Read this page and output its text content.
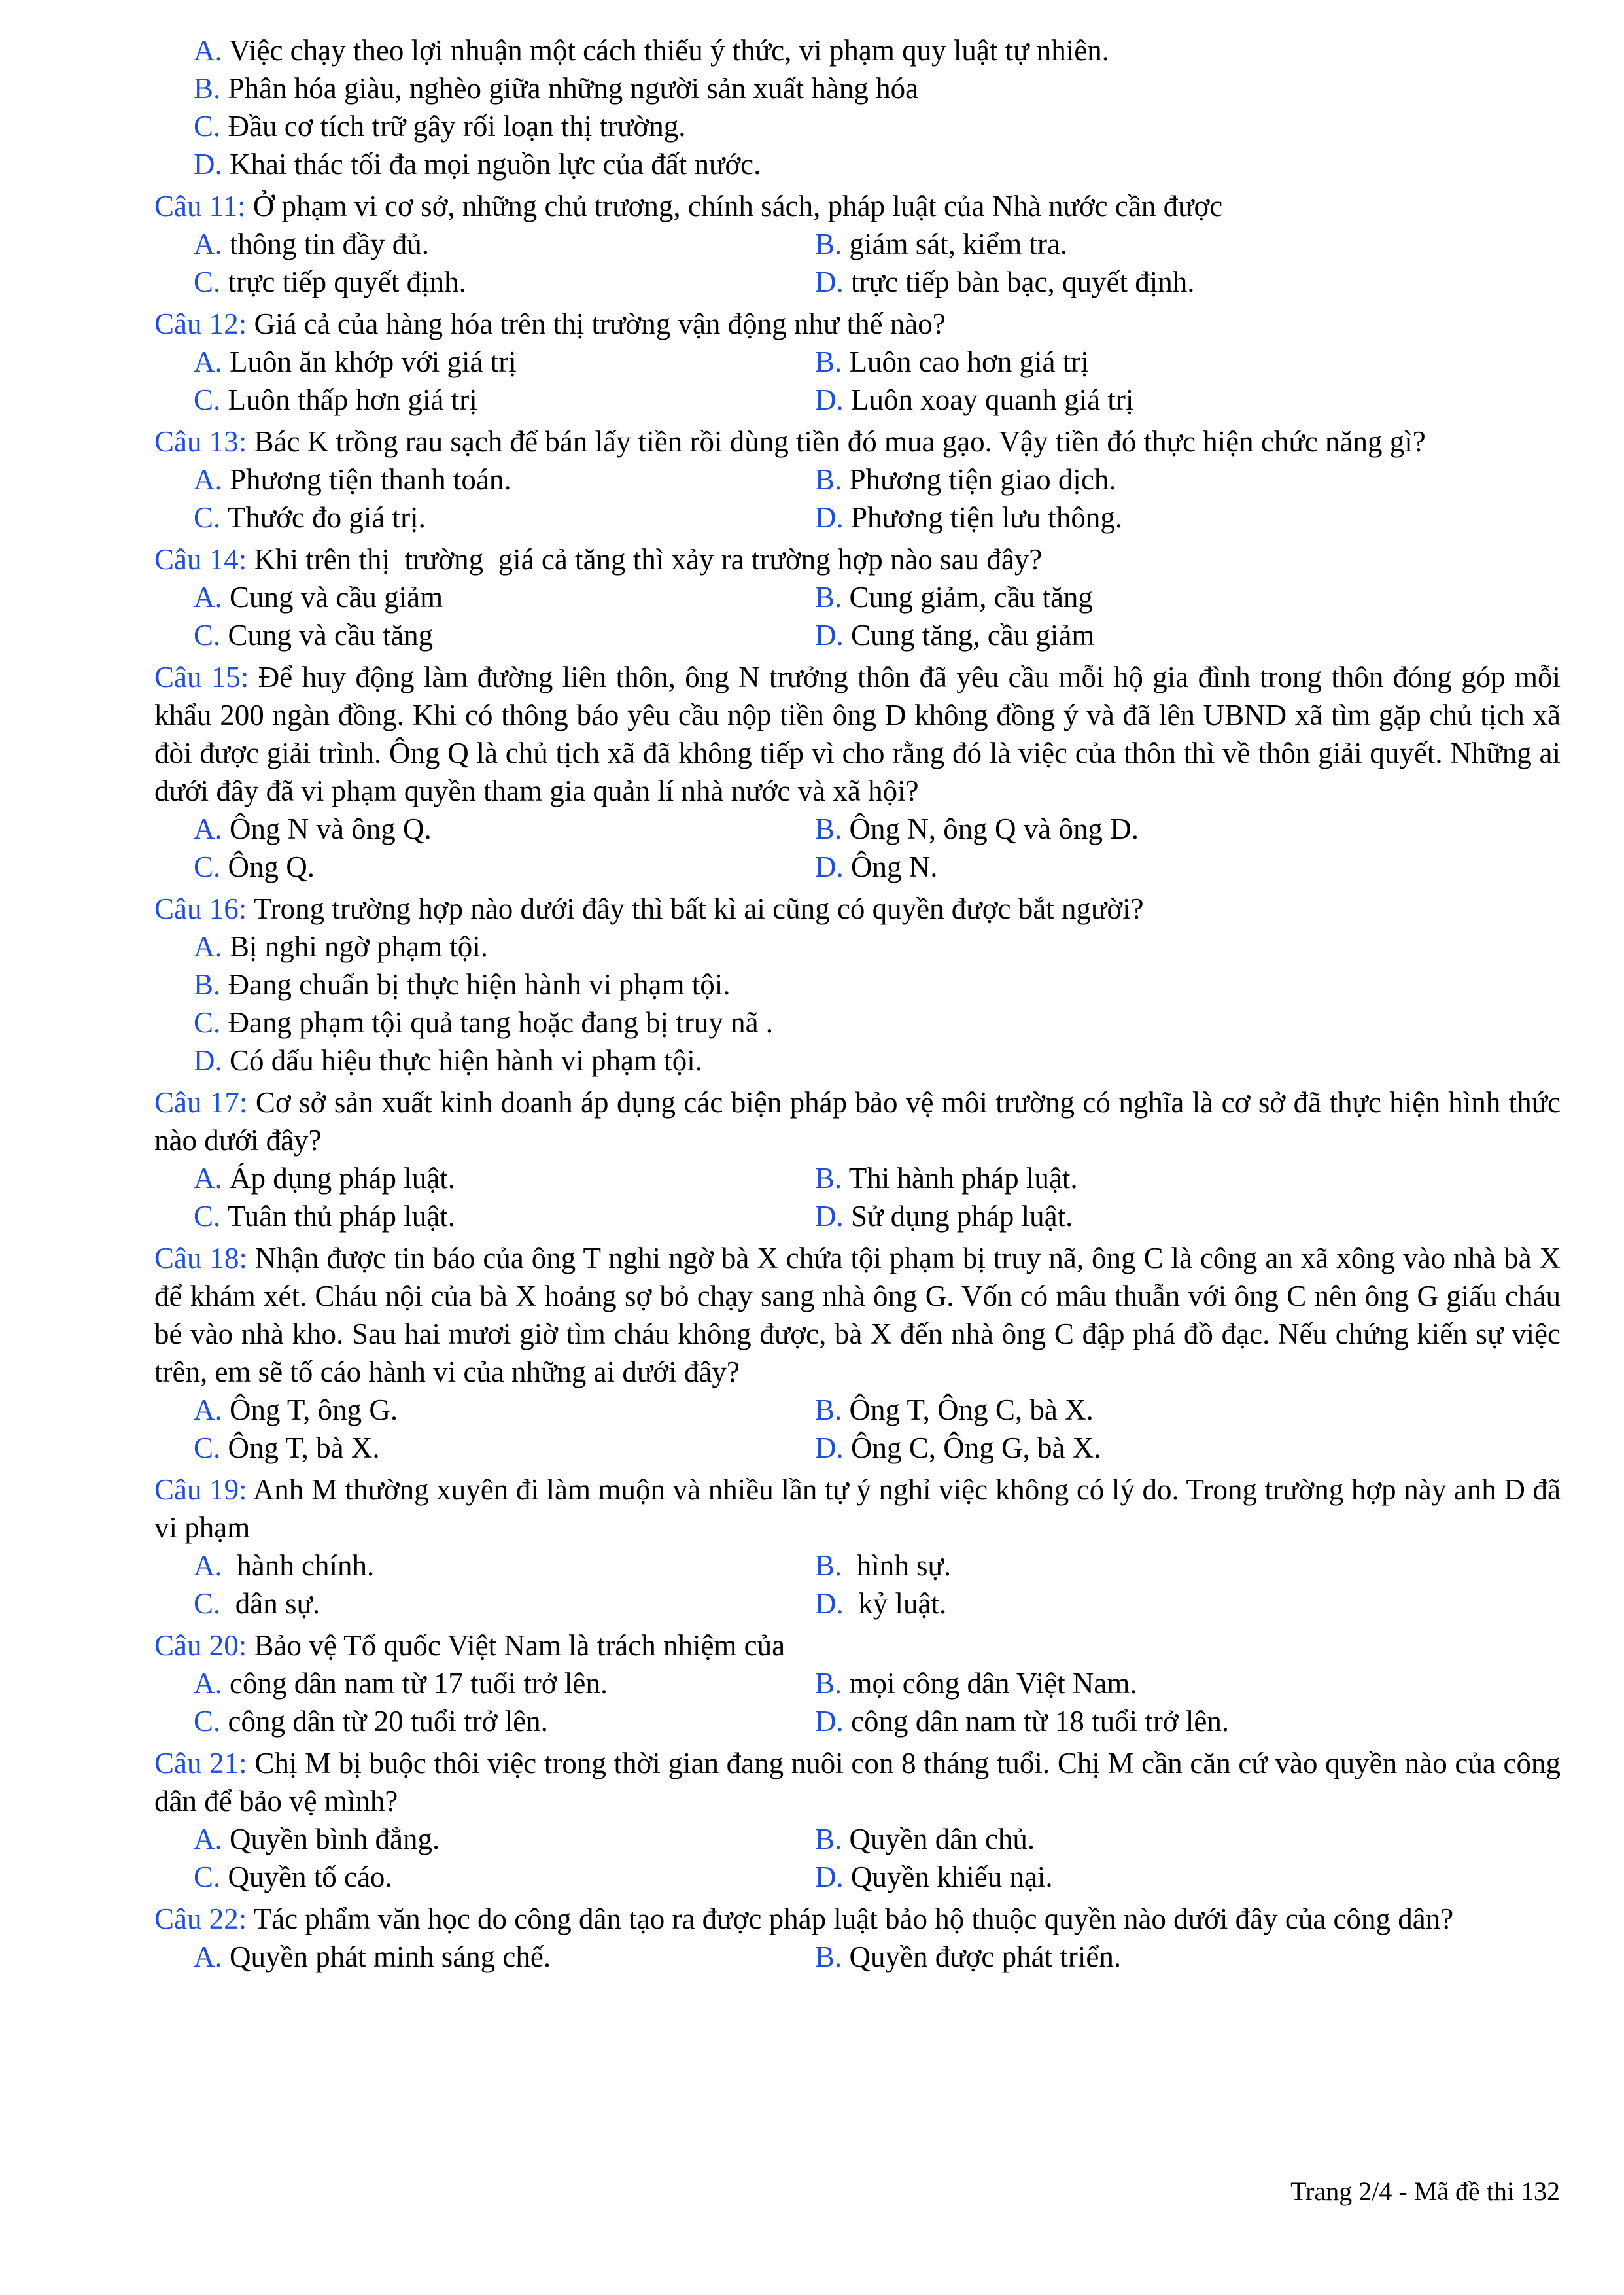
A. Việc chạy theo lợi nhuận một cách thiếu ý thức, vi phạm quy luật tự nhiên.
B. Phân hóa giàu, nghèo giữa những người sản xuất hàng hóa
C. Đầu cơ tích trữ gây rối loạn thị trường.
D. Khai thác tối đa mọi nguồn lực của đất nước.
Câu 11: Ở phạm vi cơ sở, những chủ trương, chính sách, pháp luật của Nhà nước cần được
A. thông tin đầy đủ.	B. giám sát, kiểm tra.
C. trực tiếp quyết định.	D. trực tiếp bàn bạc, quyết định.
Câu 12: Giá cả của hàng hóa trên thị trường vận động như thế nào?
A. Luôn ăn khớp với giá trị	B. Luôn cao hơn giá trị
C. Luôn thấp hơn giá trị	D. Luôn xoay quanh giá trị
Câu 13: Bác K trồng rau sạch để bán lấy tiền rồi dùng tiền đó mua gạo. Vậy tiền đó thực hiện chức năng gì?
A. Phương tiện thanh toán.	B. Phương tiện giao dịch.
C. Thước đo giá trị.	D. Phương tiện lưu thông.
Câu 14: Khi trên thị  trường  giá cả tăng thì xảy ra trường hợp nào sau đây?
A. Cung và cầu giảm	B. Cung giảm, cầu tăng
C. Cung và cầu tăng	D. Cung tăng, cầu giảm
Câu 15: Để huy động làm đường liên thôn, ông N trưởng thôn đã yêu cầu mỗi hộ gia đình trong thôn đóng góp mỗi khẩu 200 ngàn đồng. Khi có thông báo yêu cầu nộp tiền ông D không đồng ý và đã lên UBND xã tìm gặp chủ tịch xã đòi được giải trình. Ông Q là chủ tịch xã đã không tiếp vì cho rằng đó là việc của thôn thì về thôn giải quyết. Những ai dưới đây đã vi phạm quyền tham gia quản lí nhà nước và xã hội?
A. Ông N và ông Q.	B. Ông N, ông Q và ông D.
C. Ông Q.	D. Ông N.
Câu 16: Trong trường hợp nào dưới đây thì bất kì ai cũng có quyền được bắt người?
A. Bị nghi ngờ phạm tội.
B. Đang chuẩn bị thực hiện hành vi phạm tội.
C. Đang phạm tội quả tang hoặc đang bị truy nã .
D. Có dấu hiệu thực hiện hành vi phạm tội.
Câu 17: Cơ sở sản xuất kinh doanh áp dụng các biện pháp bảo vệ môi trường có nghĩa là cơ sở đã thực hiện hình thức nào dưới đây?
A. Áp dụng pháp luật.	B. Thi hành pháp luật.
C. Tuân thủ pháp luật.	D. Sử dụng pháp luật.
Câu 18: Nhận được tin báo của ông T nghi ngờ bà X chứa tội phạm bị truy nã, ông C là công an xã xông vào nhà bà X để khám xét. Cháu nội của bà X hoảng sợ bỏ chạy sang nhà ông G. Vốn có mâu thuẫn với ông C nên ông G giấu cháu bé vào nhà kho. Sau hai mươi giờ tìm cháu không được, bà X đến nhà ông C đập phá đồ đạc. Nếu chứng kiến sự việc trên, em sẽ tố cáo hành vi của những ai dưới đây?
A. Ông T, ông G.	B. Ông T, Ông C, bà X.
C. Ông T, bà X.	D. Ông C, Ông G, bà X.
Câu 19: Anh M thường xuyên đi làm muộn và nhiều lần tự ý nghỉ việc không có lý do. Trong trường hợp này anh D đã vi phạm
A.  hành chính.	B.  hình sự.
C.  dân sự.	D.  kỷ luật.
Câu 20: Bảo vệ Tổ quốc Việt Nam là trách nhiệm của
A. công dân nam từ 17 tuổi trở lên.	B. mọi công dân Việt Nam.
C. công dân từ 20 tuổi trở lên.	D. công dân nam từ 18 tuổi trở lên.
Câu 21: Chị M bị buộc thôi việc trong thời gian đang nuôi con 8 tháng tuổi. Chị M cần căn cứ vào quyền nào của công dân để bảo vệ mình?
A. Quyền bình đẳng.	B. Quyền dân chủ.
C. Quyền tố cáo.	D. Quyền khiếu nại.
Câu 22: Tác phẩm văn học do công dân tạo ra được pháp luật bảo hộ thuộc quyền nào dưới đây của công dân?
A. Quyền phát minh sáng chế.	B. Quyền được phát triển.
Trang 2/4 - Mã đề thi 132
